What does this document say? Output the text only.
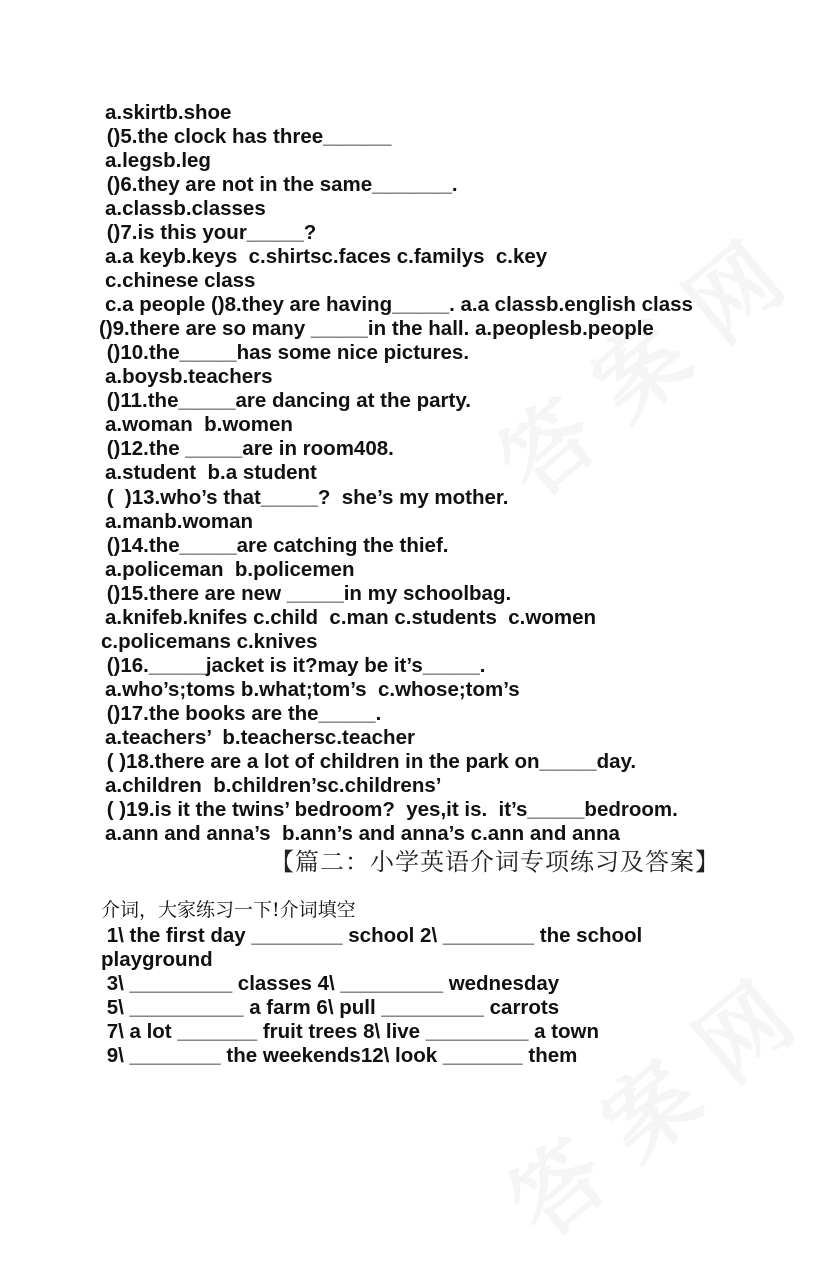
a.skirtb.shoe
()5.the clock has three______
a.legsb.leg
()6.they are not in the same_______.
a.classb.classes
()7.is this your_____?
a.a keyb.keys  c.shirtsc.faces c.familys  c.key
c.chinese class
c.a people ()8.they are having_____. a.a classb.english class
()9.there are so many _____in the hall. a.peoplesb.people
()10.the_____has some nice pictures.
a.boysb.teachers
()11.the_____are dancing at the party.
a.woman  b.women
()12.the _____are in room408.
a.student  b.a student
(  )13.who’s that_____?  she’s my mother.
a.manb.woman
()14.the_____are catching the thief.
a.policeman  b.policemen
()15.there are new _____in my schoolbag.
a.knifeb.knifes c.child  c.man c.students  c.women
c.policemans c.knives
()16._____jacket is it?may be it’s_____.
a.who’s;toms b.what;tom’s  c.whose;tom’s
()17.the books are the_____.
a.teachers’  b.teachersc.teacher
( )18.there are a lot of children in the park on_____day.
a.children  b.children’sc.childrens’
( )19.is it the twins’ bedroom?  yes,it is.  it’s_____bedroom.
a.ann and anna’s  b.ann’s and anna’s c.ann and anna
【篇二：小学英语介词专项练习及答案】
介词，大家练习一下!介词填空
1\ the first day ________ school 2\ ________ the school
playground
3\ _________ classes 4\ _________ wednesday
5\ __________ a farm 6\ pull _________ carrots
7\ a lot _______ fruit trees 8\ live _________ a town
9\ ________ the weekends12\ look _______ them
